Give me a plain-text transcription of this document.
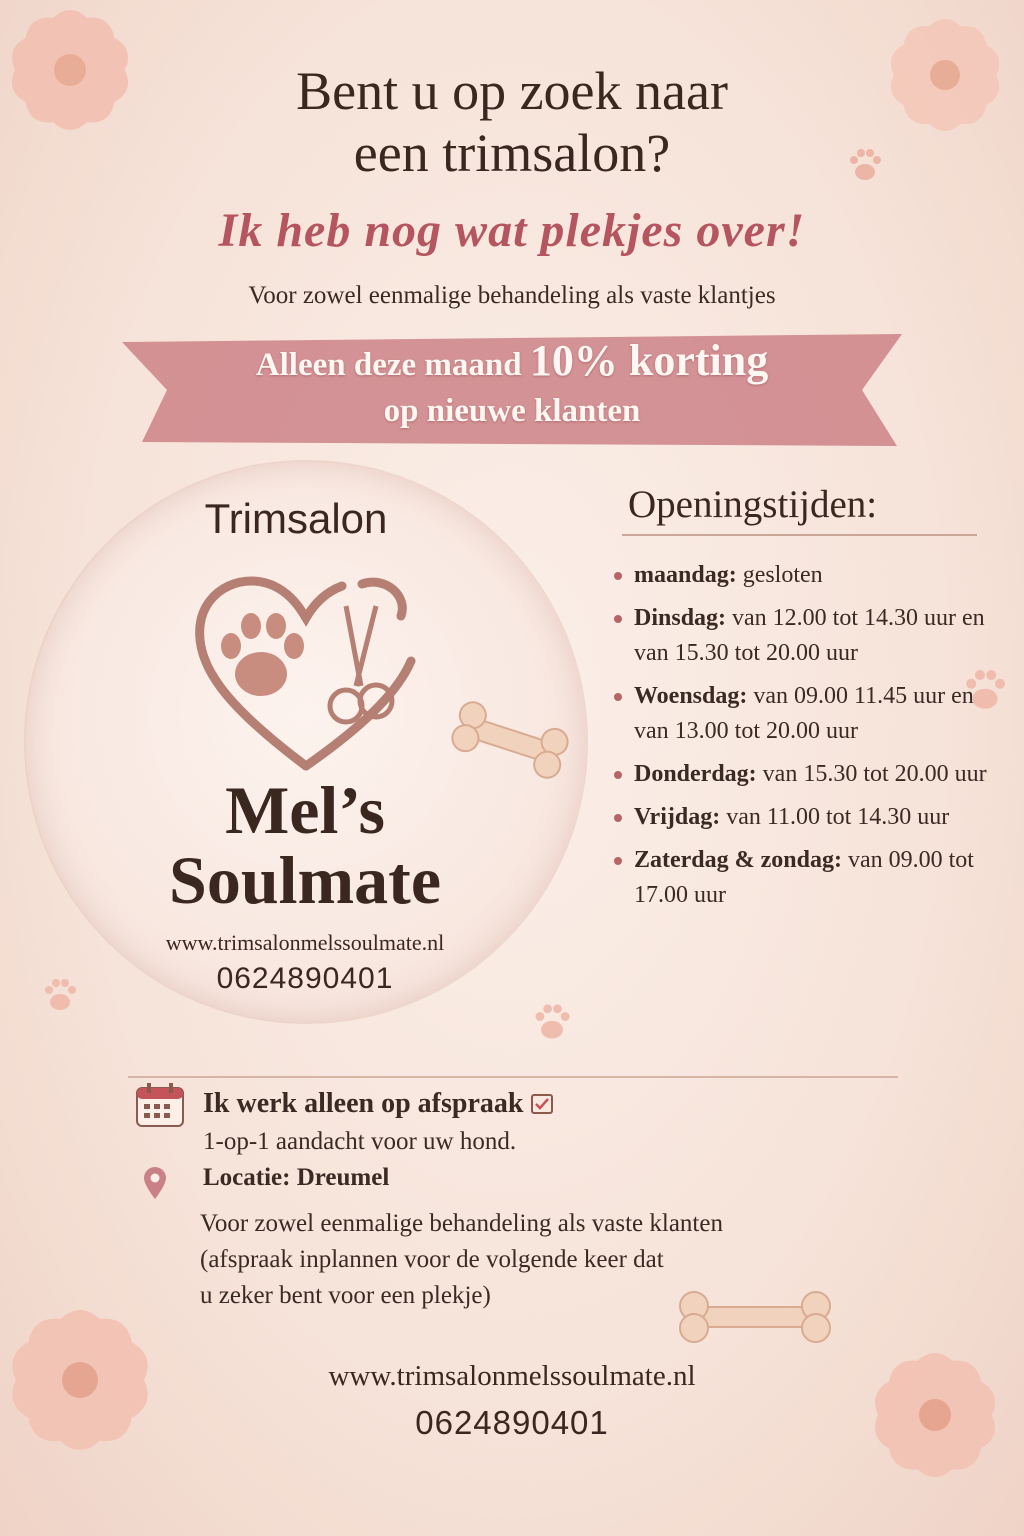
Bent u op zoek naar
een trimsalon?
Ik heb nog wat plekjes over!
Voor zowel eenmalige behandeling als vaste klantjes
Alleen deze maand 10% korting
op nieuwe klanten
Trimsalon
Mel’s
Soulmate
www.trimsalonmelssoulmate.nl
0624890401
Openingstijden:
maandag: gesloten
Dinsdag: van 12.00 tot 14.30 uur en van 15.30 tot 20.00 uur
Woensdag: van 09.00 11.45 uur en van 13.00 tot 20.00 uur
Donderdag: van 15.30 tot 20.00 uur
Vrijdag: van 11.00 tot 14.30 uur
Zaterdag & zondag: van 09.00 tot 17.00 uur
Ik werk alleen op afspraak
1-op-1 aandacht voor uw hond.
Locatie: Dreumel
Voor zowel eenmalige behandeling als vaste klanten
(afspraak inplannen voor de volgende keer dat
u zeker bent voor een plekje)
www.trimsalonmelssoulmate.nl
0624890401
